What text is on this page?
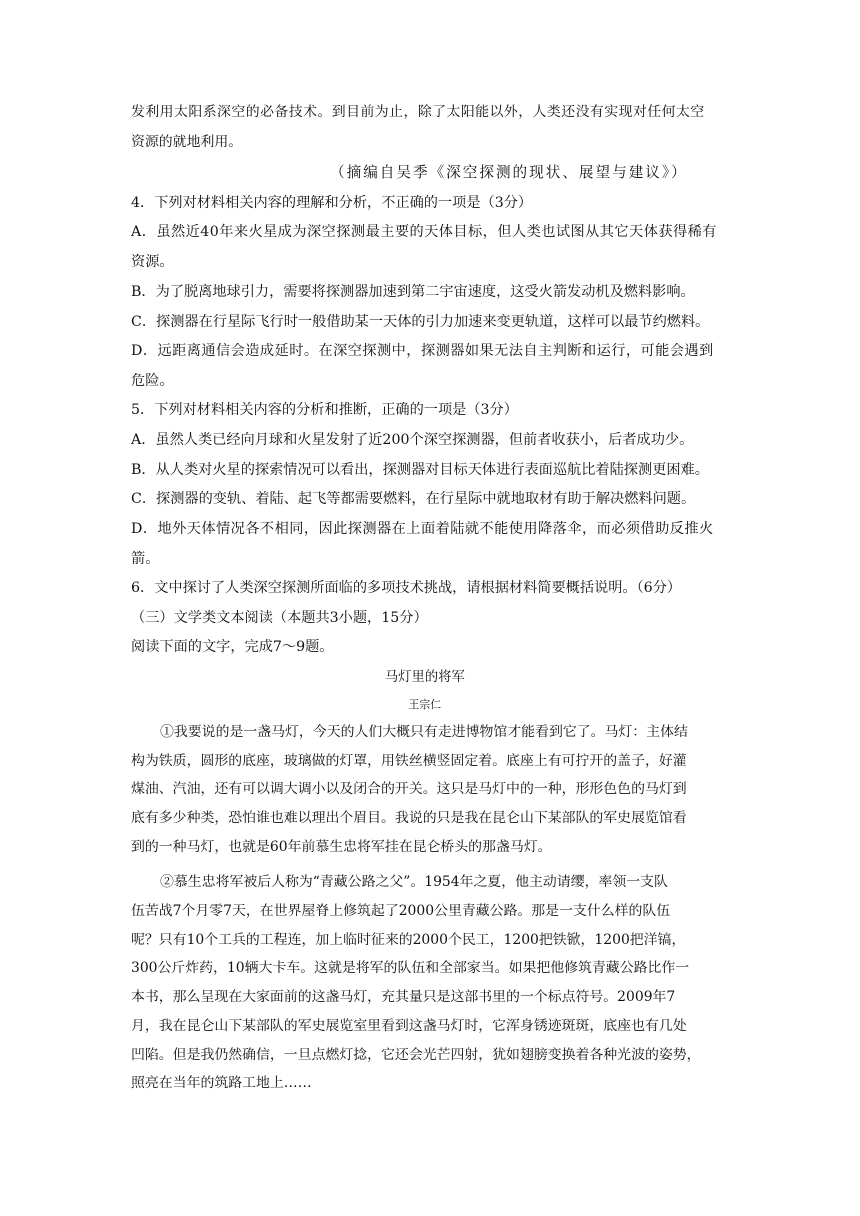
发利用太阳系深空的必备技术。到目前为止，除了太阳能以外，人类还没有实现对任何太空
资源的就地利用。
（摘编自吴季《深空探测的现状、展望与建议》）
4．下列对材料相关内容的理解和分析，不正确的一项是（3分）
A．虽然近40年来火星成为深空探测最主要的天体目标，但人类也试图从其它天体获得稀有
资源。
B．为了脱离地球引力，需要将探测器加速到第二宇宙速度，这受火箭发动机及燃料影响。
C．探测器在行星际飞行时一般借助某一天体的引力加速来变更轨道，这样可以最节约燃料。
D．远距离通信会造成延时。在深空探测中，探测器如果无法自主判断和运行，可能会遇到
危险。
5．下列对材料相关内容的分析和推断，正确的一项是（3分）
A．虽然人类已经向月球和火星发射了近200个深空探测器，但前者收获小，后者成功少。
B．从人类对火星的探索情况可以看出，探测器对目标天体进行表面巡航比着陆探测更困难。
C．探测器的变轨、着陆、起飞等都需要燃料，在行星际中就地取材有助于解决燃料问题。
D．地外天体情况各不相同，因此探测器在上面着陆就不能使用降落伞，而必须借助反推火
箭。
6．文中探讨了人类深空探测所面临的多项技术挑战，请根据材料简要概括说明。（6分）
（三）文学类文本阅读（本题共3小题，15分）
阅读下面的文字，完成7～9题。
马灯里的将军
王宗仁
①我要说的是一盏马灯，今天的人们大概只有走进博物馆才能看到它了。马灯：主体结
构为铁质，圆形的底座，玻璃做的灯罩，用铁丝横竖固定着。底座上有可拧开的盖子，好灌
煤油、汽油，还有可以调大调小以及闭合的开关。这只是马灯中的一种，形形色色的马灯到
底有多少种类，恐怕谁也难以理出个眉目。我说的只是我在昆仑山下某部队的军史展览馆看
到的一种马灯，也就是60年前慕生忠将军挂在昆仑桥头的那盏马灯。
②慕生忠将军被后人称为“青藏公路之父”。1954年之夏，他主动请缨，率领一支队
伍苦战7个月零7天，在世界屋脊上修筑起了2000公里青藏公路。那是一支什么样的队伍
呢？只有10个工兵的工程连，加上临时征来的2000个民工，1200把铁锨，1200把洋镐，
300公斤炸药，10辆大卡车。这就是将军的队伍和全部家当。如果把他修筑青藏公路比作一
本书，那么呈现在大家面前的这盏马灯，充其量只是这部书里的一个标点符号。2009年7
月，我在昆仑山下某部队的军史展览室里看到这盏马灯时，它浑身锈迹斑斑，底座也有几处
凹陷。但是我仍然确信，一旦点燃灯捻，它还会光芒四射，犹如翅膀变换着各种光波的姿势，
照亮在当年的筑路工地上……
